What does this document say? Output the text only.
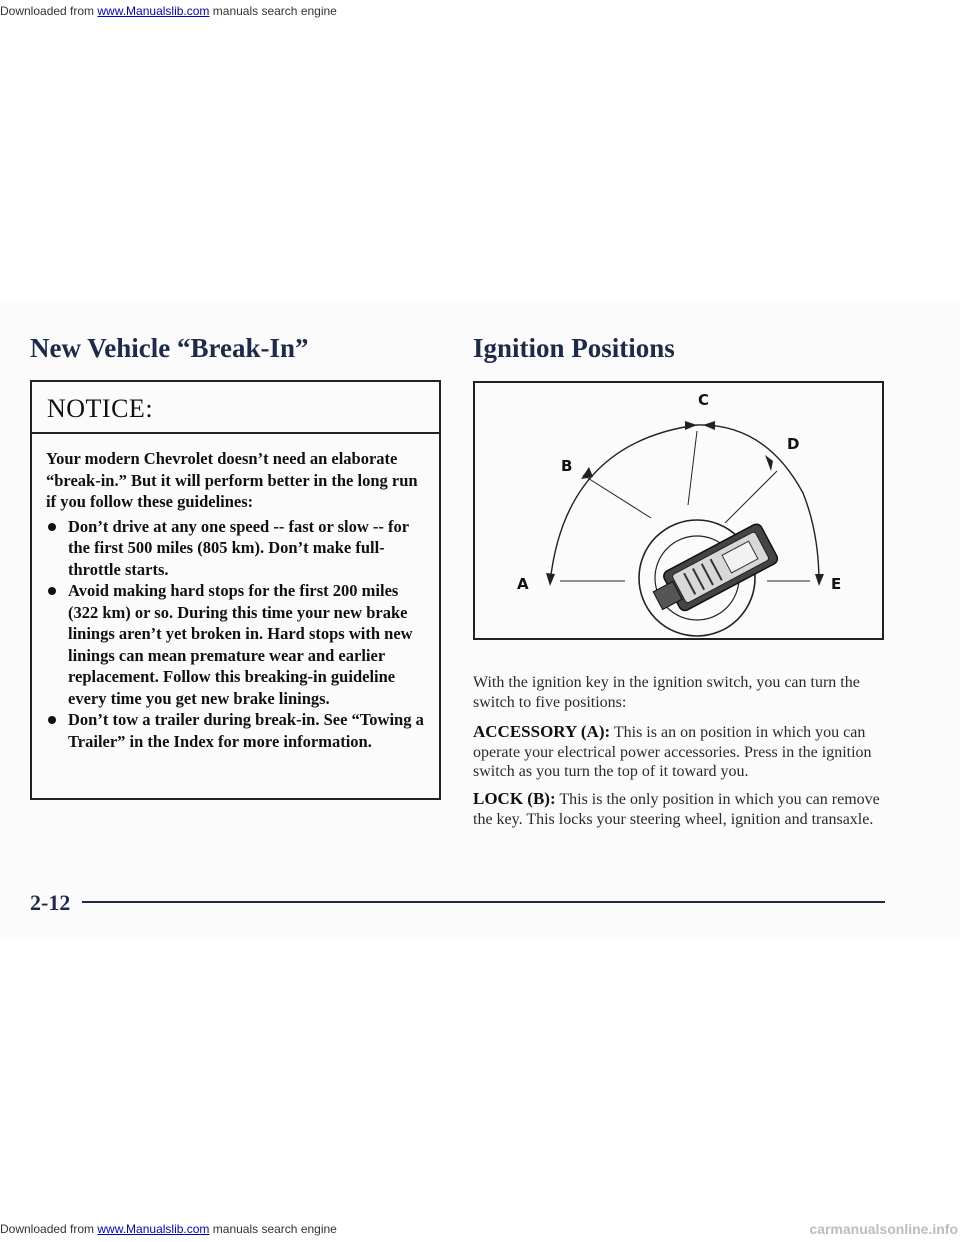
Downloaded from www.Manualslib.com manuals search engine
New Vehicle “Break-In”
NOTICE:

Your modern Chevrolet doesn’t need an elaborate “break-in.” But it will perform better in the long run if you follow these guidelines:

Don’t drive at any one speed -- fast or slow -- for the first 500 miles (805 km). Don’t make full-throttle starts.
Avoid making hard stops for the first 200 miles (322 km) or so. During this time your new brake linings aren’t yet broken in. Hard stops with new linings can mean premature wear and earlier replacement. Follow this breaking-in guideline every time you get new brake linings.
Don’t tow a trailer during break-in. See “Towing a Trailer” in the Index for more information.
Ignition Positions
C
B
D
A	E

With the ignition key in the ignition switch, you can turn the switch to five positions:

ACCESSORY (A): This is an on position in which you can operate your electrical power accessories. Press in the ignition switch as you turn the top of it toward you.

LOCK (B): This is the only position in which you can remove the key. This locks your steering wheel, ignition and transaxle.

2-12
Downloaded from www.Manualslib.com manuals search engine	carmanualsonline.info
